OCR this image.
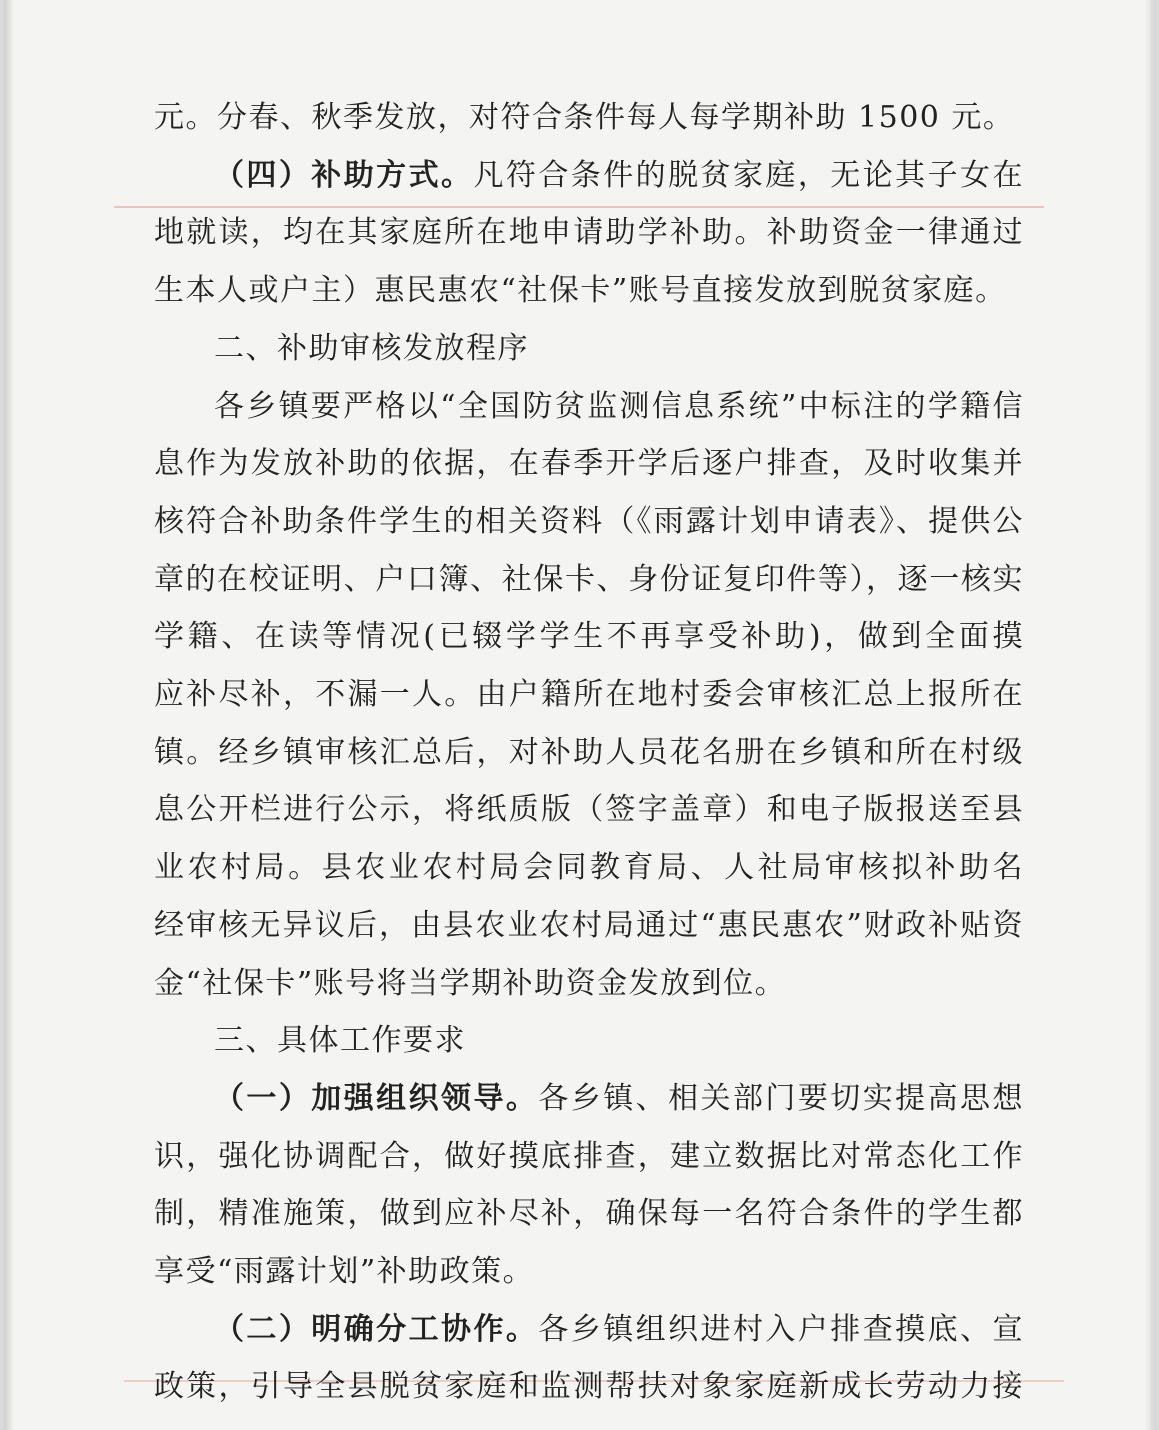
元。分春、秋季发放，对符合条件每人每学期补助 1500 元。
（四）补助方式。凡符合条件的脱贫家庭，无论其子女在
地就读，均在其家庭所在地申请助学补助。补助资金一律通过
生本人或户主）惠民惠农“社保卡”账号直接发放到脱贫家庭。
二、补助审核发放程序
各乡镇要严格以“全国防贫监测信息系统”中标注的学籍信
息作为发放补助的依据，在春季开学后逐户排查，及时收集并
核符合补助条件学生的相关资料（《雨露计划申请表》、提供公
章的在校证明、户口簿、社保卡、身份证复印件等），逐一核实
学籍、在读等情况(已辍学学生不再享受补助)，做到全面摸
应补尽补，不漏一人。由户籍所在地村委会审核汇总上报所在
镇。经乡镇审核汇总后，对补助人员花名册在乡镇和所在村级
息公开栏进行公示，将纸质版（签字盖章）和电子版报送至县
业农村局。县农业农村局会同教育局、人社局审核拟补助名
经审核无异议后，由县农业农村局通过“惠民惠农”财政补贴资
金“社保卡”账号将当学期补助资金发放到位。
三、具体工作要求
（一）加强组织领导。各乡镇、相关部门要切实提高思想
识，强化协调配合，做好摸底排查，建立数据比对常态化工作
制，精准施策，做到应补尽补，确保每一名符合条件的学生都
享受“雨露计划”补助政策。
（二）明确分工协作。各乡镇组织进村入户排查摸底、宣
政策，引导全县脱贫家庭和监测帮扶对象家庭新成长劳动力接
